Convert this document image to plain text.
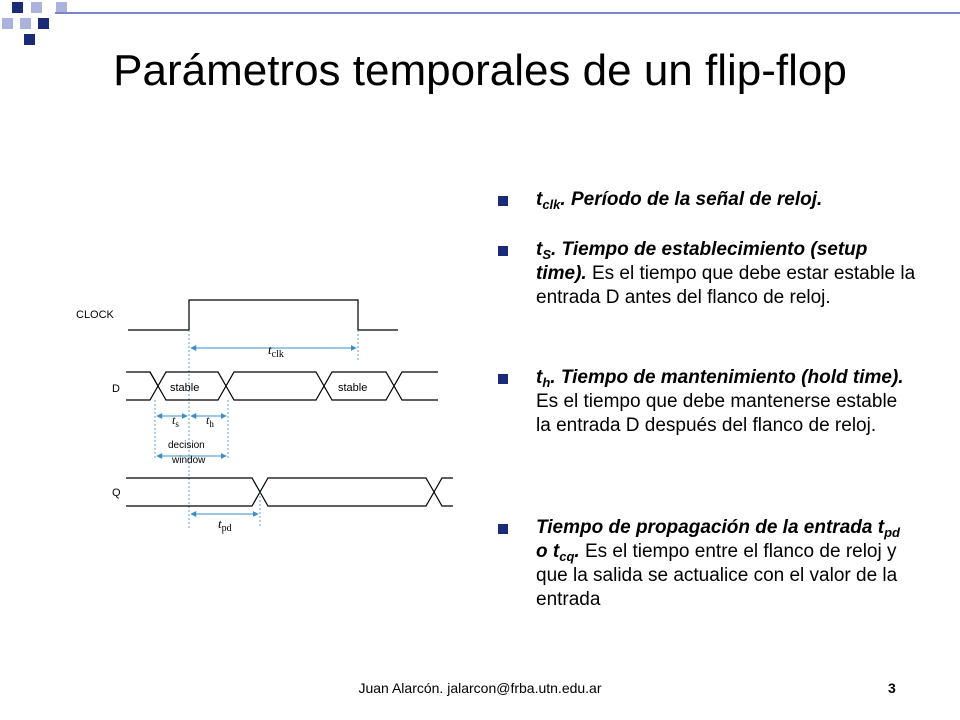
Parámetros temporales de un flip-flop
CLOCK
D
Q
$t_{clk}$
stable	stable
$t_s$ $t_h$
decision
window
$t_{pd}$
$t_{clk}$. Período de la señal de reloj.
$t_S$. Tiempo de establecimiento (setup time). Es el tiempo que debe estar estable la entrada D antes del flanco de reloj.
$t_h$. Tiempo de mantenimiento (hold time). Es el tiempo que debe mantenerse estable la entrada D después del flanco de reloj.
Tiempo de propagación de la entrada $t_{pd}$ o $t_{cq}$. Es el tiempo entre el flanco de reloj y que la salida se actualice con el valor de la entrada
Juan Alarcón. jalarcon@frba.utn.edu.ar	3
